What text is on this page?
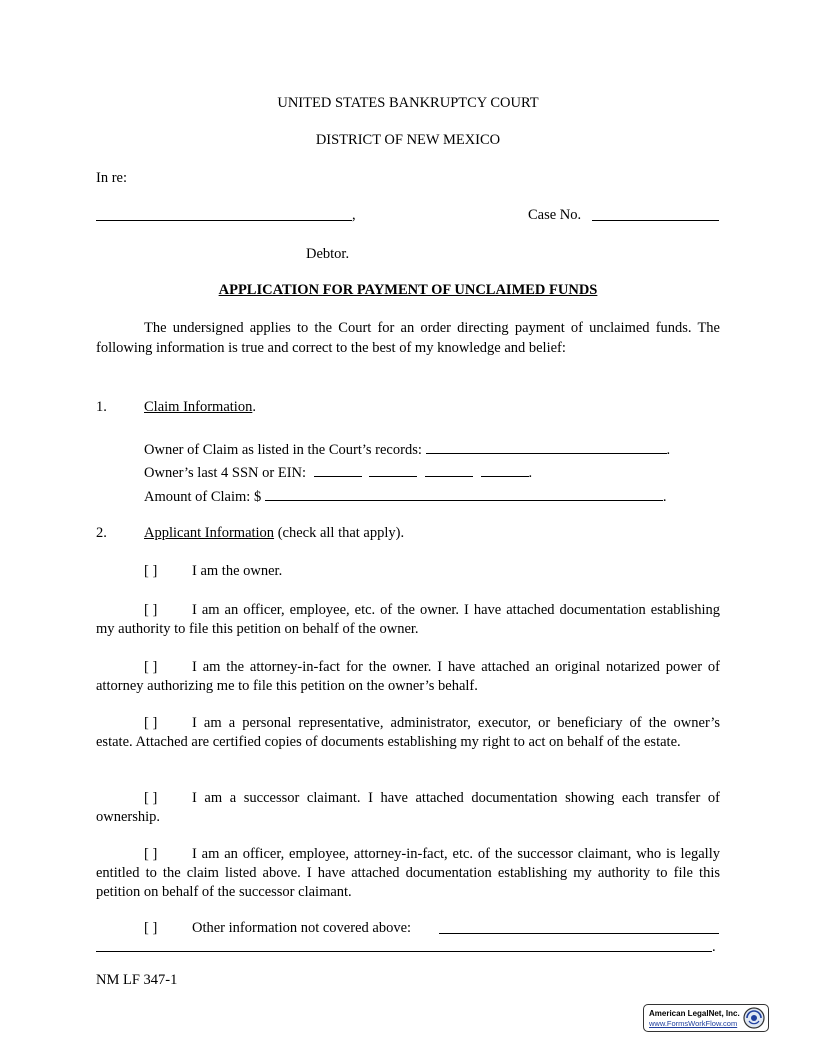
UNITED STATES BANKRUPTCY COURT
DISTRICT OF NEW MEXICO
In re:
,	Case No.
Debtor.
APPLICATION FOR PAYMENT OF UNCLAIMED FUNDS
The undersigned applies to the Court for an order directing payment of unclaimed funds. The following information is true and correct to the best of my knowledge and belief:
1.	Claim Information.
Owner of Claim as listed in the Court’s records:	.
Owner’s last 4 SSN or EIN:	.
Amount of Claim: $	.
2.	Applicant Information (check all that apply).
[ ] I am the owner.
[ ] I am an officer, employee, etc. of the owner. I have attached documentation establishing my authority to file this petition on behalf of the owner.
[ ] I am the attorney-in-fact for the owner. I have attached an original notarized power of attorney authorizing me to file this petition on the owner’s behalf.
[ ] I am a personal representative, administrator, executor, or beneficiary of the owner’s estate. Attached are certified copies of documents establishing my right to act on behalf of the estate.
[ ] I am a successor claimant. I have attached documentation showing each transfer of ownership.
[ ] I am an officer, employee, attorney-in-fact, etc. of the successor claimant, who is legally entitled to the claim listed above. I have attached documentation establishing my authority to file this petition on behalf of the successor claimant.
[ ] Other information not covered above:
.
NM LF 347-1
American LegalNet, Inc.
www.FormsWorkFlow.com
